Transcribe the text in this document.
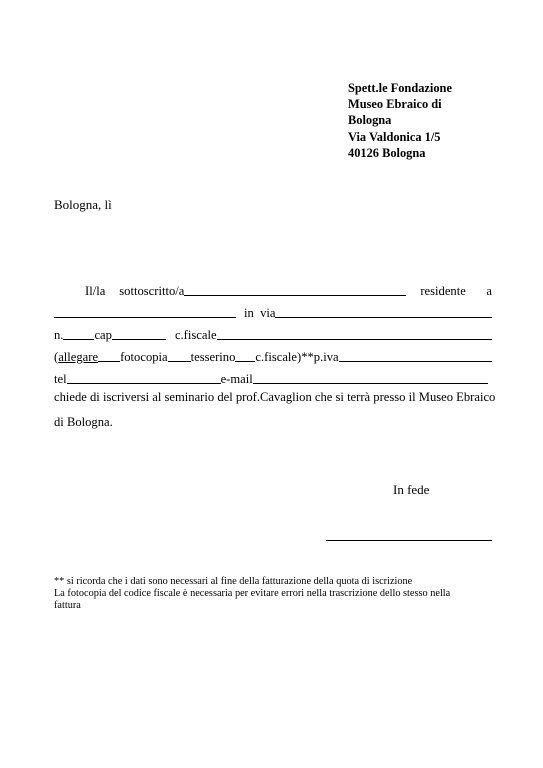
Spett.le Fondazione
Museo Ebraico di
Bologna
Via Valdonica 1/5
40126 Bologna
Bologna, lì
Il/la sottoscritto/a	residente a
in  via
n. cap	c.fiscale
( allegare fotocopia tesserino c.fiscale)**p.iva
tel	e-mail
chiede di iscriversi al seminario del prof.Cavaglion che si terrà presso il Museo Ebraico
di Bologna.
In fede
** si ricorda che i dati sono necessari al fine della fatturazione della quota di iscrizione
La fotocopia del codice fiscale è necessaria per evitare errori nella trascrizione dello stesso nella
fattura
